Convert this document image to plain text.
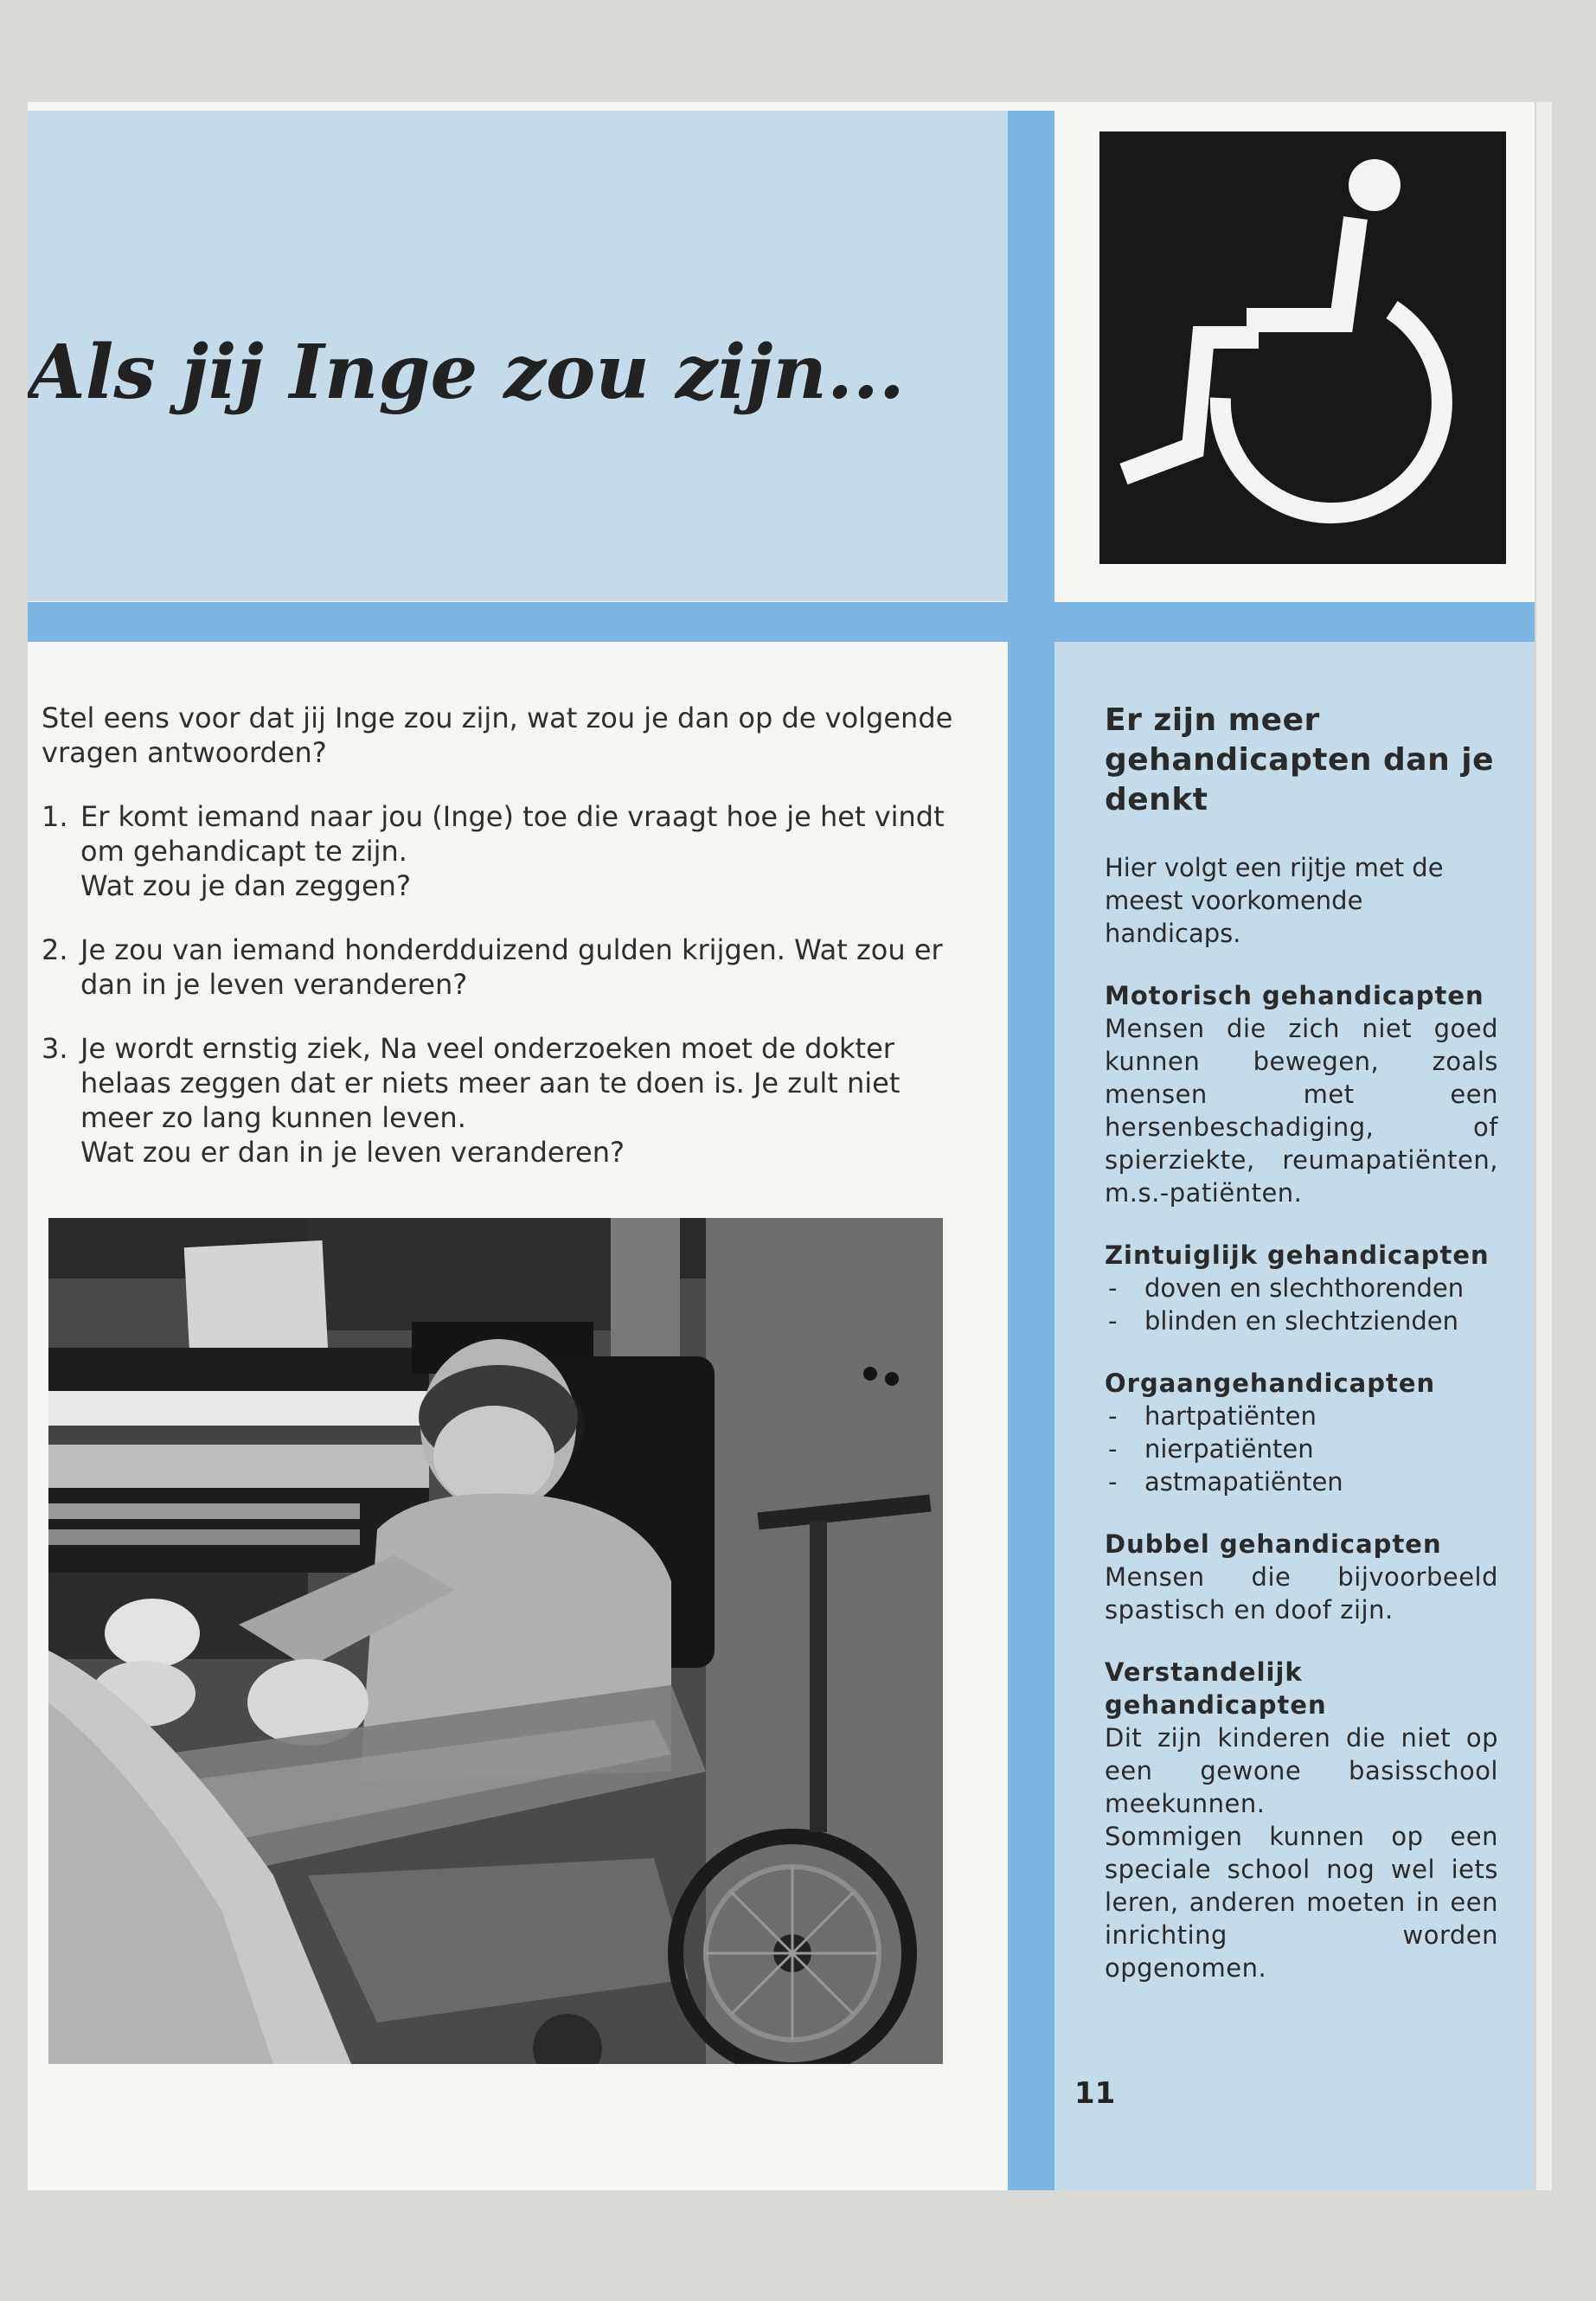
Als jij Inge zou zijn...
Stel eens voor dat jij Inge zou zijn, wat zou je dan op de volgende vragen antwoorden?
1. Er komt iemand naar jou (Inge) toe die vraagt hoe je het vindt om gehandicapt te zijn.
Wat zou je dan zeggen?
2. Je zou van iemand honderdduizend gulden krijgen. Wat zou er dan in je leven veranderen?
3. Je wordt ernstig ziek, Na veel onderzoeken moet de dokter helaas zeggen dat er niets meer aan te doen is. Je zult niet meer zo lang kunnen leven.
Wat zou er dan in je leven veranderen?
Er zijn meer gehandicapten dan je denkt
Hier volgt een rijtje met de meest voorkomende handicaps.
Motorisch gehandicapten
Mensen die zich niet goed kunnen bewegen, zoals mensen met een hersenbeschadiging, of spierziekte, reumapatiënten, m.s.-patiënten.
Zintuiglijk gehandicapten
-	doven en slechthorenden
-	blinden en slechtzienden
Orgaangehandicapten
-	hartpatiënten
-	nierpatiënten
-	astmapatiënten
Dubbel gehandicapten
Mensen die bijvoorbeeld spastisch en doof zijn.
Verstandelijk gehandicapten
Dit zijn kinderen die niet op een gewone basisschool meekunnen.
Sommigen kunnen op een speciale school nog wel iets leren, anderen moeten in een inrichting worden opgenomen.
11
